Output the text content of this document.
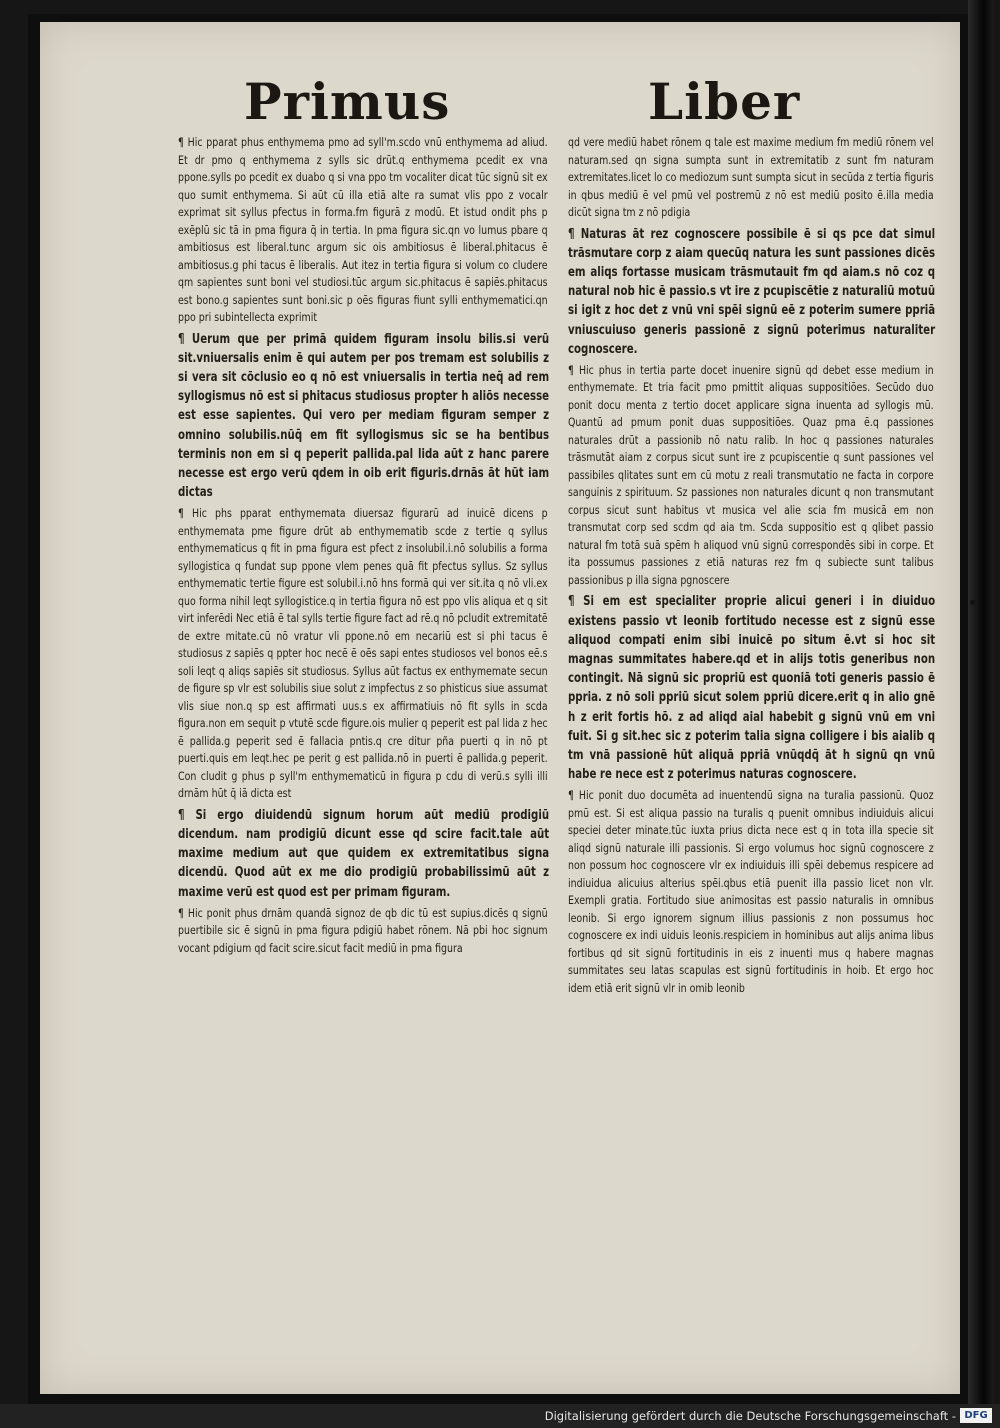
Primus	Liber

¶ Hic pparat phus enthymema pmo ad syll'm.scdo vnū enthymema ad aliud. Et dr pmo q enthymema z sylls sic drūt.q enthymema pcedit ex vna ppone.sylls po pcedit ex duabo q si vna ppo tm vocaliter dicat tūc signū sit ex quo sumit enthymema. Si aūt cū illa etiā alte ra sumat vlis ppo z vocalr exprimat sit syllus pfectus in forma.fm figurā z modū. Et istud ondit phs p exēplū sic tā in pma figura q̄ in tertia. In pma figura sic.qn vo lumus pbare q ambitiosus est liberal.tunc argum sic ois ambitiosus ē liberal.phitacus ē ambitiosus.g phi tacus ē liberalis. Aut itez in tertia figura si volum co cludere qm sapientes sunt boni vel studiosi.tūc argum sic.phitacus ē sapiēs.phitacus est bono.g sapientes sunt boni.sic p oēs figuras fiunt sylli enthymematici.qn ppo pri subintellecta exprimit

¶ Uerum que per primā quidem figuram insolu bilis.si verū sit.vniuersalis enim ē qui autem per pos tremam est solubilis z si vera sit cōclusio eo q nō est vniuersalis in tertia neq̄ ad rem syllogismus nō est si phitacus studiosus propter h aliōs necesse est esse sapientes. Qui vero per mediam figuram semper z omnino solubilis.nūq̄ em fit syllogismus sic se ha bentibus terminis non em si q peperit pallida.pal lida aūt z hanc parere necesse est ergo verū qdem in oib erit figuris.drnās āt hūt iam dictas

¶ Hic phs pparat enthymemata diuersaz figurarū ad inuicē dicens p enthymemata pme figure drūt ab enthymematib scde z tertie q syllus enthymematicus q fit in pma figura est pfect z insolubil.i.nō solubilis a forma syllogistica q fundat sup ppone vlem penes quā fit pfectus syllus. Sz syllus enthymematic tertie figure est solubil.i.nō hns formā qui ver sit.ita q nō vli.ex quo forma nihil leqt syllogistice.q in tertia figura nō est ppo vlis aliqua et q sit virt inferēdi Nec etiā ē tal sylls tertie figure fact ad rē.q nō pcludit extremitatē de extre mitate.cū nō vratur vli ppone.nō em necariū est si phi tacus ē studiosus z sapiēs q ppter hoc necē ē oēs sapi entes studiosos vel bonos eē.s soli leqt q aliqs sapiēs sit studiosus. Syllus aūt factus ex enthymemate secun de figure sp vlr est solubilis siue solut z impfectus z so phisticus siue assumat vlis siue non.q sp est affirmati uus.s ex affirmatiuis nō fit sylls in scda figura.non em sequit p vtutē scde figure.ois mulier q peperit est pal lida z hec ē pallida.g peperit sed ē fallacia pntis.q cre ditur pña puerti q in nō pt puerti.quis em leqt.hec pe perit g est pallida.nō in puerti ē pallida.g peperit. Con cludit g phus p syll'm enthymematicū in figura p cdu di verū.s sylli illi drnām hūt q̄ iā dicta est

¶ Si ergo diuidendū signum horum aūt mediū prodigiū dicendum. nam prodigiū dicunt esse qd scire facit.tale aūt maxime medium aut que quidem ex extremitatibus signa dicendū. Quod aūt ex me dio prodigiū probabilissimū aūt z maxime verū est quod est per primam figuram.

¶ Hic ponit phus drnām quandā signoz de qb dic tū est supius.dicēs q signū puertibile sic ē signū in pma figura pdigiū habet rōnem. Nā pbi hoc signum vocant pdigium qd facit scire.sicut facit mediū in pma figura

qd vere mediū habet rōnem q tale est maxime medium fm mediū rōnem vel naturam.sed qn signa sumpta sunt in extremitatib z sunt fm naturam extremitates.licet lo co mediozum sunt sumpta sicut in secūda z tertia figuris in qbus mediū ē vel pmū vel postremū z nō est mediū posito ē.illa media dicūt signa tm z nō pdigia

¶ Naturas āt rez cognoscere possibile ē si qs pce dat simul trāsmutare corp z aiam quecūq natura les sunt passiones dicēs em aliqs fortasse musicam trāsmutauit fm qd aiam.s nō coz q natural nob hic ē passio.s vt ire z pcupiscētie z naturaliū motuū si igit z hoc det z vnū vni spēi signū eē z poterim sumere ppriā vniuscuiuso generis passionē z signū poterimus naturaliter cognoscere.

¶ Hic phus in tertia parte docet inuenire signū qd debet esse medium in enthymemate. Et tria facit pmo pmittit aliquas suppositiōes. Secūdo duo ponit docu menta z tertio docet applicare signa inuenta ad syllogis mū. Quantū ad pmum ponit duas suppositiōes. Quaz pma ē.q passiones naturales drūt a passionib nō natu ralib. In hoc q passiones naturales trāsmutāt aiam z corpus sicut sunt ire z pcupiscentie q sunt passiones vel passibiles qlitates sunt em cū motu z reali transmutatio ne facta in corpore sanguinis z spirituum. Sz passiones non naturales dicunt q non transmutant corpus sicut sunt habitus vt musica vel alie scia fm musicā em non transmutat corp sed scdm qd aia tm. Scda suppositio est q qlibet passio natural fm totā suā spēm h aliquod vnū signū correspondēs sibi in corpe. Et ita possumus passiones z etiā naturas rez fm q subiecte sunt talibus passionibus p illa signa pgnoscere

¶ Si em est specialiter proprie alicui generi i in diuiduo existens passio vt leonib fortitudo necesse est z signū esse aliquod compati enim sibi inuicē po situm ē.vt si hoc sit magnas summitates habere.qd et in alijs totis generibus non contingit. Nā signū sic propriū est quoniā toti generis passio ē ppria. z nō soli ppriū sicut solem ppriū dicere.erit q in alio gnē h z erit fortis hō. z ad aliqd aial habebit g signū vnū em vni fuit. Si g sit.hec sic z poterim talia signa colligere i bis aialib q tm vnā passionē hūt aliquā ppriā vnūqdq̄ āt h signū qn vnū habe re nece est z poterimus naturas cognoscere.

¶ Hic ponit duo documēta ad inuentendū signa na turalia passionū. Quoz pmū est. Si est aliqua passio na turalis q puenit omnibus indiuiduis alicui speciei deter minate.tūc iuxta prius dicta nece est q in tota illa specie sit aliqd signū naturale illi passionis. Si ergo volumus hoc signū cognoscere z non possum hoc cognoscere vlr ex indiuiduis illi spēi debemus respicere ad indiuidua alicuius alterius spēi.qbus etiā puenit illa passio licet non vlr. Exempli gratia. Fortitudo siue animositas est passio naturalis in omnibus leonib. Si ergo ignorem signum illius passionis z non possumus hoc cognoscere ex indi uiduis leonis.respiciem in hominibus aut alijs anima libus fortibus qd sit signū fortitudinis in eis z inuenti mus q habere magnas summitates seu latas scapulas est signū fortitudinis in hoib. Et ergo hoc idem etiā erit signū vlr in omib leonib

Digitalisierung gefördert durch die Deutsche Forschungsgemeinschaft - DFG
